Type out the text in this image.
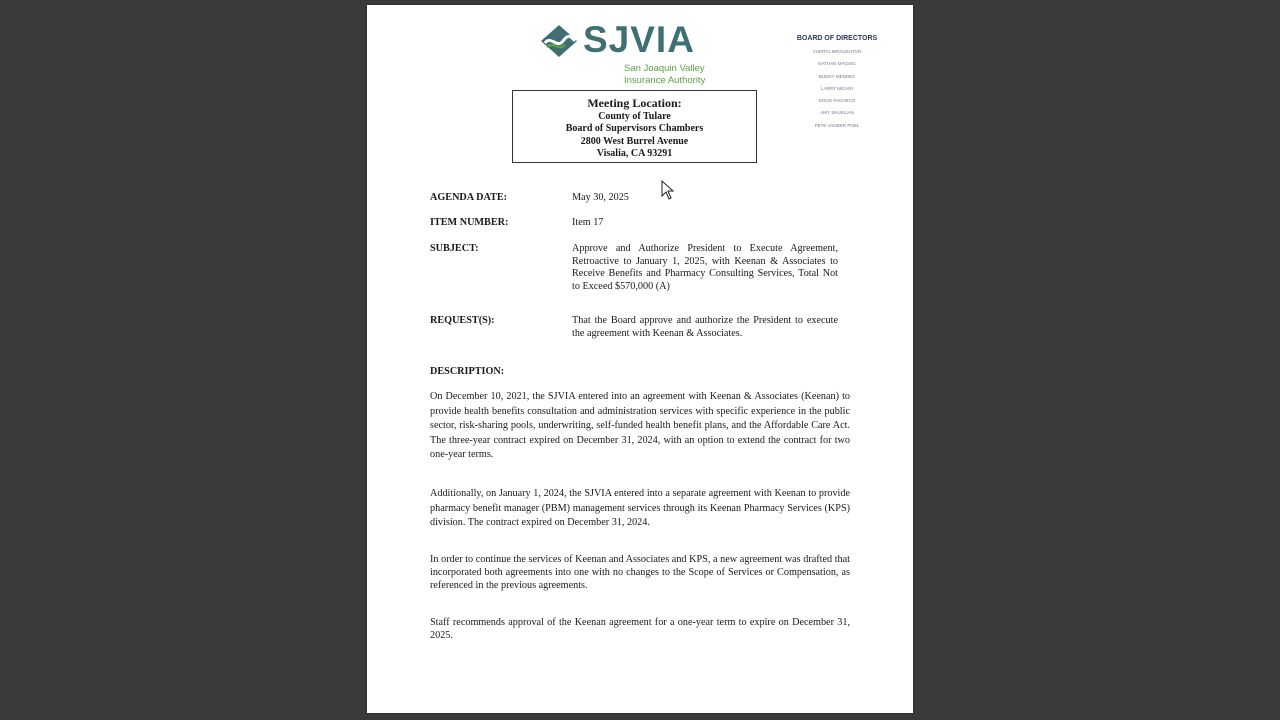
SJVIA
San Joaquin Valley
Insurance Authority
BOARD OF DIRECTORS
CHERYL BROUGHTON
NATHAN MAGSIG
BUDDY MENDES
LARRY MICARI
DOUG PACHECO
AMY SHUKLIAN
PETE VANDER POEL
Meeting Location:
County of Tulare
Board of Supervisors Chambers
2800 West Burrel Avenue
Visalia, CA 93291
AGENDA DATE:	May 30, 2025
ITEM NUMBER:	Item 17
SUBJECT:	Approve and Authorize President to Execute Agreement, Retroactive to January 1, 2025, with Keenan & Associates to Receive Benefits and Pharmacy Consulting Services, Total Not to Exceed $570,000 (A)
REQUEST(S):	That the Board approve and authorize the President to execute the agreement with Keenan & Associates.
DESCRIPTION:
On December 10, 2021, the SJVIA entered into an agreement with Keenan & Associates (Keenan) to provide health benefits consultation and administration services with specific experience in the public sector, risk-sharing pools, underwriting, self-funded health benefit plans, and the Affordable Care Act. The three-year contract expired on December 31, 2024, with an option to extend the contract for two one-year terms.
Additionally, on January 1, 2024, the SJVIA entered into a separate agreement with Keenan to provide pharmacy benefit manager (PBM) management services through its Keenan Pharmacy Services (KPS) division. The contract expired on December 31, 2024.
In order to continue the services of Keenan and Associates and KPS, a new agreement was drafted that incorporated both agreements into one with no changes to the Scope of Services or Compensation, as referenced in the previous agreements.
Staff recommends approval of the Keenan agreement for a one-year term to expire on December 31, 2025.
